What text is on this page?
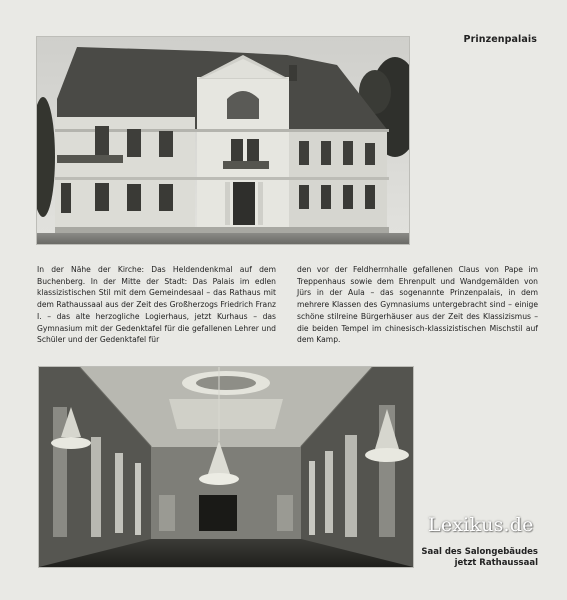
Prinzenpalais
In der Nähe der Kirche: Das Heldendenkmal auf dem Buchenberg. In der Mitte der Stadt: Das Palais im edlen klassizistischen Stil mit dem Gemeindesaal – das Rathaus mit dem Rathaussaal aus der Zeit des Großherzogs Friedrich Franz I. – das alte herzogliche Logierhaus, jetzt Kurhaus – das Gymnasium mit der Gedenktafel für die gefallenen Lehrer und Schüler und der Gedenktafel für
den vor der Feldherrnhalle gefallenen Claus von Pape im Treppenhaus sowie dem Ehrenpult und Wandgemälden von Jürs in der Aula – das sogenannte Prinzenpalais, in dem mehrere Klassen des Gymnasiums untergebracht sind – einige schöne stilreine Bürgerhäuser aus der Zeit des Klassizismus – die beiden Tempel im chinesisch-klassizistischen Mischstil auf dem Kamp.
Lexikus.de
Saal des Salongebäudes
jetzt Rathaussaal
